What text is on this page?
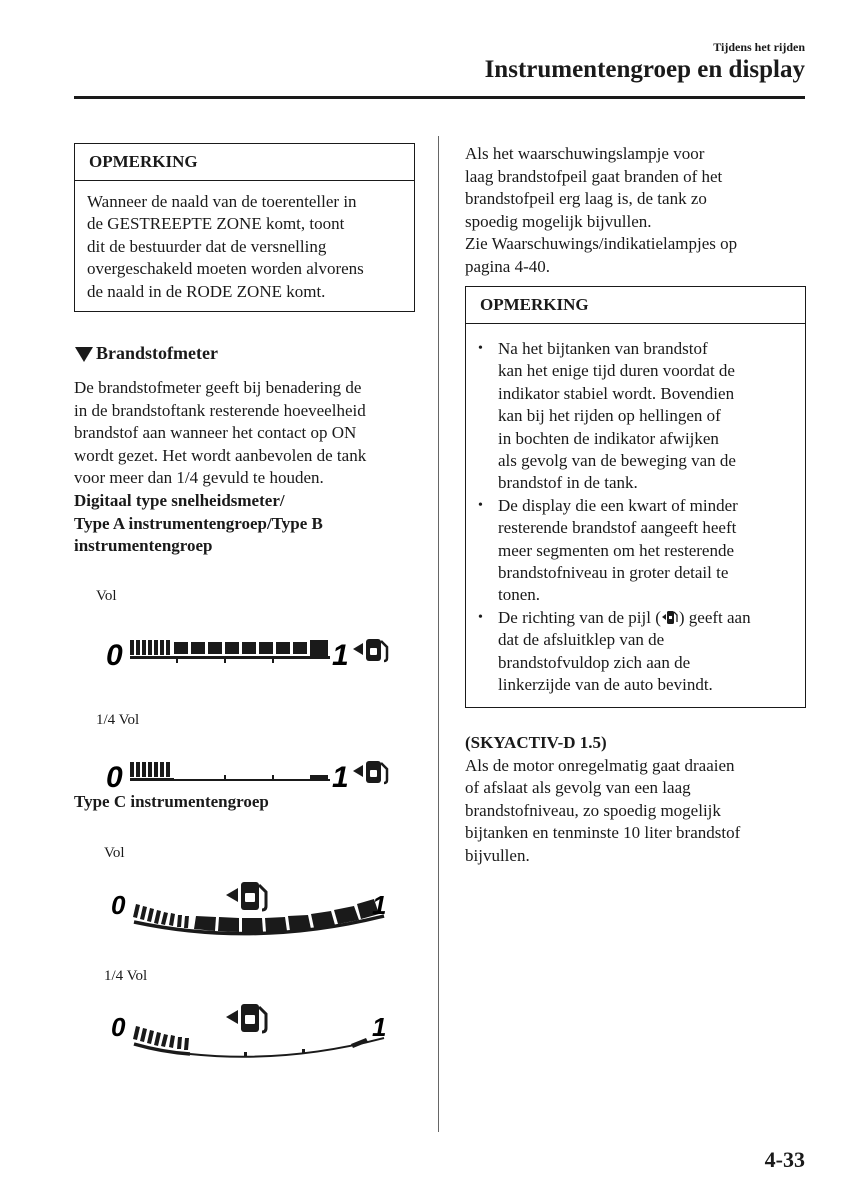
Tijdens het rijden
Instrumentengroep en display
OPMERKING
Wanneer de naald van de toerenteller in
de GESTREEPTE ZONE komt, toont
dit de bestuurder dat de versnelling
overgeschakeld moeten worden alvorens
de naald in de RODE ZONE komt.
Brandstofmeter
De brandstofmeter geeft bij benadering de
in de brandstoftank resterende hoeveelheid
brandstof aan wanneer het contact op ON
wordt gezet. Het wordt aanbevolen de tank
voor meer dan 1/4 gevuld te houden.
Digitaal type snelheidsmeter/
Type A instrumentengroep/Type B
instrumentengroep
Vol
0	1
1/4 Vol
0	1
Type C instrumentengroep
Vol
0	1
1/4 Vol
0	1
Als het waarschuwingslampje voor
laag brandstofpeil gaat branden of het
brandstofpeil erg laag is, de tank zo
spoedig mogelijk bijvullen.
Zie Waarschuwings/indikatielampjes op
pagina 4-40.
OPMERKING
• Na het bijtanken van brandstof
kan het enige tijd duren voordat de
indikator stabiel wordt. Bovendien
kan bij het rijden op hellingen of
in bochten de indikator afwijken
als gevolg van de beweging van de
brandstof in de tank.
• De display die een kwart of minder
resterende brandstof aangeeft heeft
meer segmenten om het resterende
brandstofniveau in groter detail te
tonen.
• De richting van de pijl ( ) geeft aan
dat de afsluitklep van de
brandstofvuldop zich aan de
linkerzijde van de auto bevindt.
(SKYACTIV-D 1.5)
Als de motor onregelmatig gaat draaien
of afslaat als gevolg van een laag
brandstofniveau, zo spoedig mogelijk
bijtanken en tenminste 10 liter brandstof
bijvullen.
4-33
